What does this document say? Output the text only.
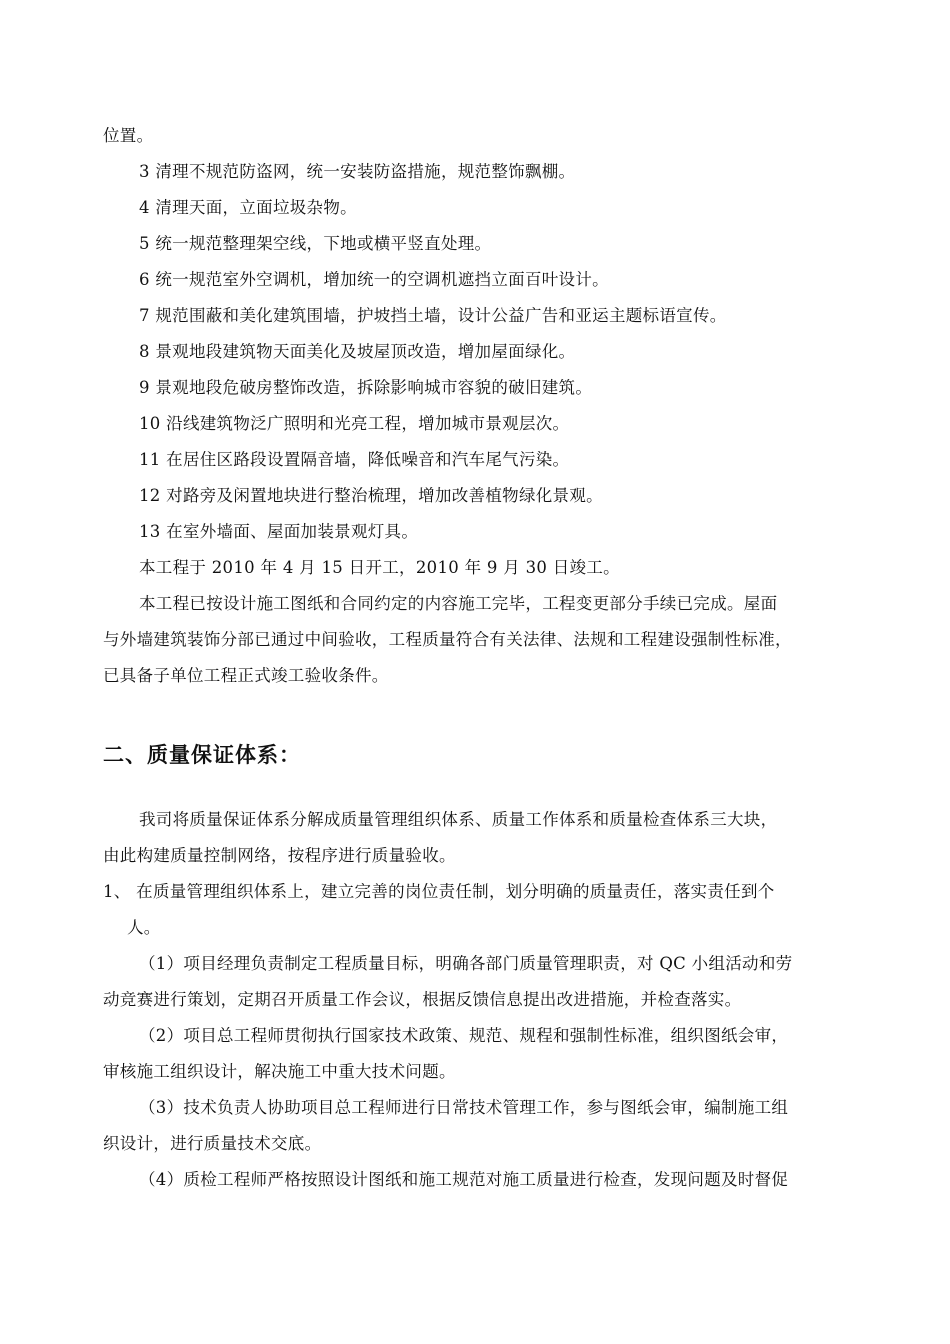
位置。
3 清理不规范防盗网，统一安装防盗措施，规范整饰飘棚。
4 清理天面，立面垃圾杂物。
5 统一规范整理架空线，下地或横平竖直处理。
6 统一规范室外空调机，增加统一的空调机遮挡立面百叶设计。
7 规范围蔽和美化建筑围墙，护坡挡土墙，设计公益广告和亚运主题标语宣传。
8 景观地段建筑物天面美化及坡屋顶改造，增加屋面绿化。
9 景观地段危破房整饰改造，拆除影响城市容貌的破旧建筑。
10 沿线建筑物泛广照明和光亮工程，增加城市景观层次。
11 在居住区路段设置隔音墙，降低噪音和汽车尾气污染。
12 对路旁及闲置地块进行整治梳理，增加改善植物绿化景观。
13 在室外墙面、屋面加装景观灯具。
本工程于 2010 年 4 月 15 日开工，2010 年 9 月 30 日竣工。
本工程已按设计施工图纸和合同约定的内容施工完毕，工程变更部分手续已完成。屋面
与外墙建筑装饰分部已通过中间验收，工程质量符合有关法律、法规和工程建设强制性标准，
已具备子单位工程正式竣工验收条件。
二、质量保证体系：
我司将质量保证体系分解成质量管理组织体系、质量工作体系和质量检查体系三大块，
由此构建质量控制网络，按程序进行质量验收。
1、 在质量管理组织体系上，建立完善的岗位责任制，划分明确的质量责任，落实责任到个
人。
（1）项目经理负责制定工程质量目标，明确各部门质量管理职责，对 QC 小组活动和劳
动竞赛进行策划，定期召开质量工作会议，根据反馈信息提出改进措施，并检查落实。
（2）项目总工程师贯彻执行国家技术政策、规范、规程和强制性标准，组织图纸会审，
审核施工组织设计，解决施工中重大技术问题。
（3）技术负责人协助项目总工程师进行日常技术管理工作，参与图纸会审，编制施工组
织设计，进行质量技术交底。
（4）质检工程师严格按照设计图纸和施工规范对施工质量进行检查，发现问题及时督促
